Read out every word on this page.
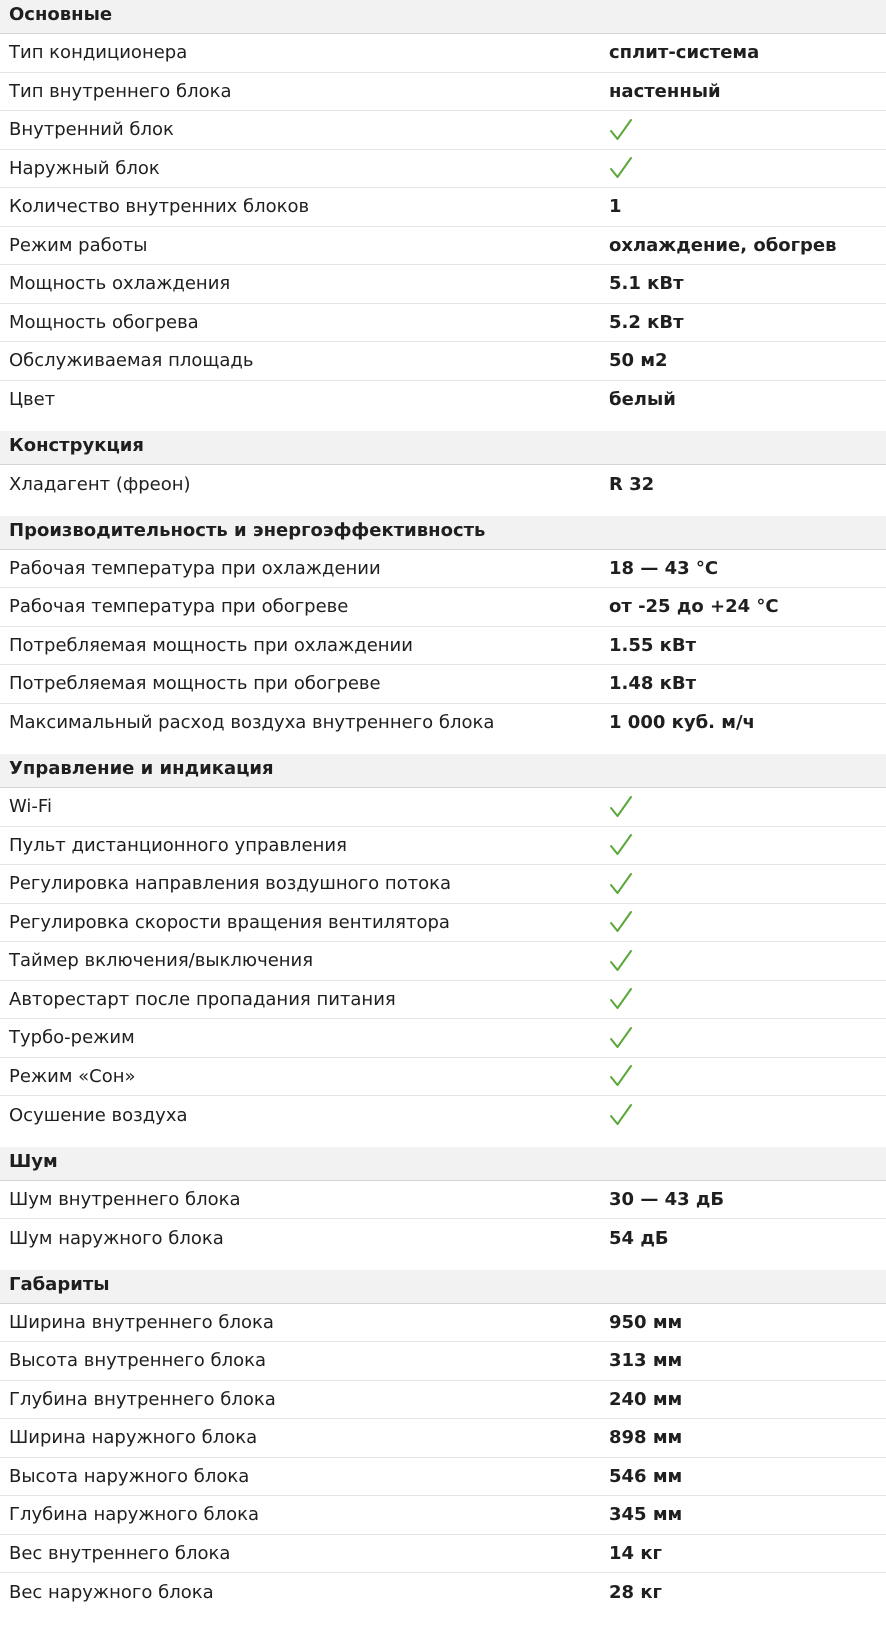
Основные
Тип кондиционера	сплит-система
Тип внутреннего блока	настенный
Внутренний блок
Наружный блок
Количество внутренних блоков	1
Режим работы	охлаждение, обогрев
Мощность охлаждения	5.1 кВт
Мощность обогрева	5.2 кВт
Обслуживаемая площадь	50 м2
Цвет	белый
Конструкция
Хладагент (фреон)	R 32
Производительность и энергоэффективность
Рабочая температура при охлаждении	18 — 43 °C
Рабочая температура при обогреве	от -25 до +24 °C
Потребляемая мощность при охлаждении	1.55 кВт
Потребляемая мощность при обогреве	1.48 кВт
Максимальный расход воздуха внутреннего блока	1 000 куб. м/ч
Управление и индикация
Wi-Fi
Пульт дистанционного управления
Регулировка направления воздушного потока
Регулировка скорости вращения вентилятора
Таймер включения/выключения
Авторестарт после пропадания питания
Турбо-режим
Режим «Сон»
Осушение воздуха
Шум
Шум внутреннего блока	30 — 43 дБ
Шум наружного блока	54 дБ
Габариты
Ширина внутреннего блока	950 мм
Высота внутреннего блока	313 мм
Глубина внутреннего блока	240 мм
Ширина наружного блока	898 мм
Высота наружного блока	546 мм
Глубина наружного блока	345 мм
Вес внутреннего блока	14 кг
Вес наружного блока	28 кг
